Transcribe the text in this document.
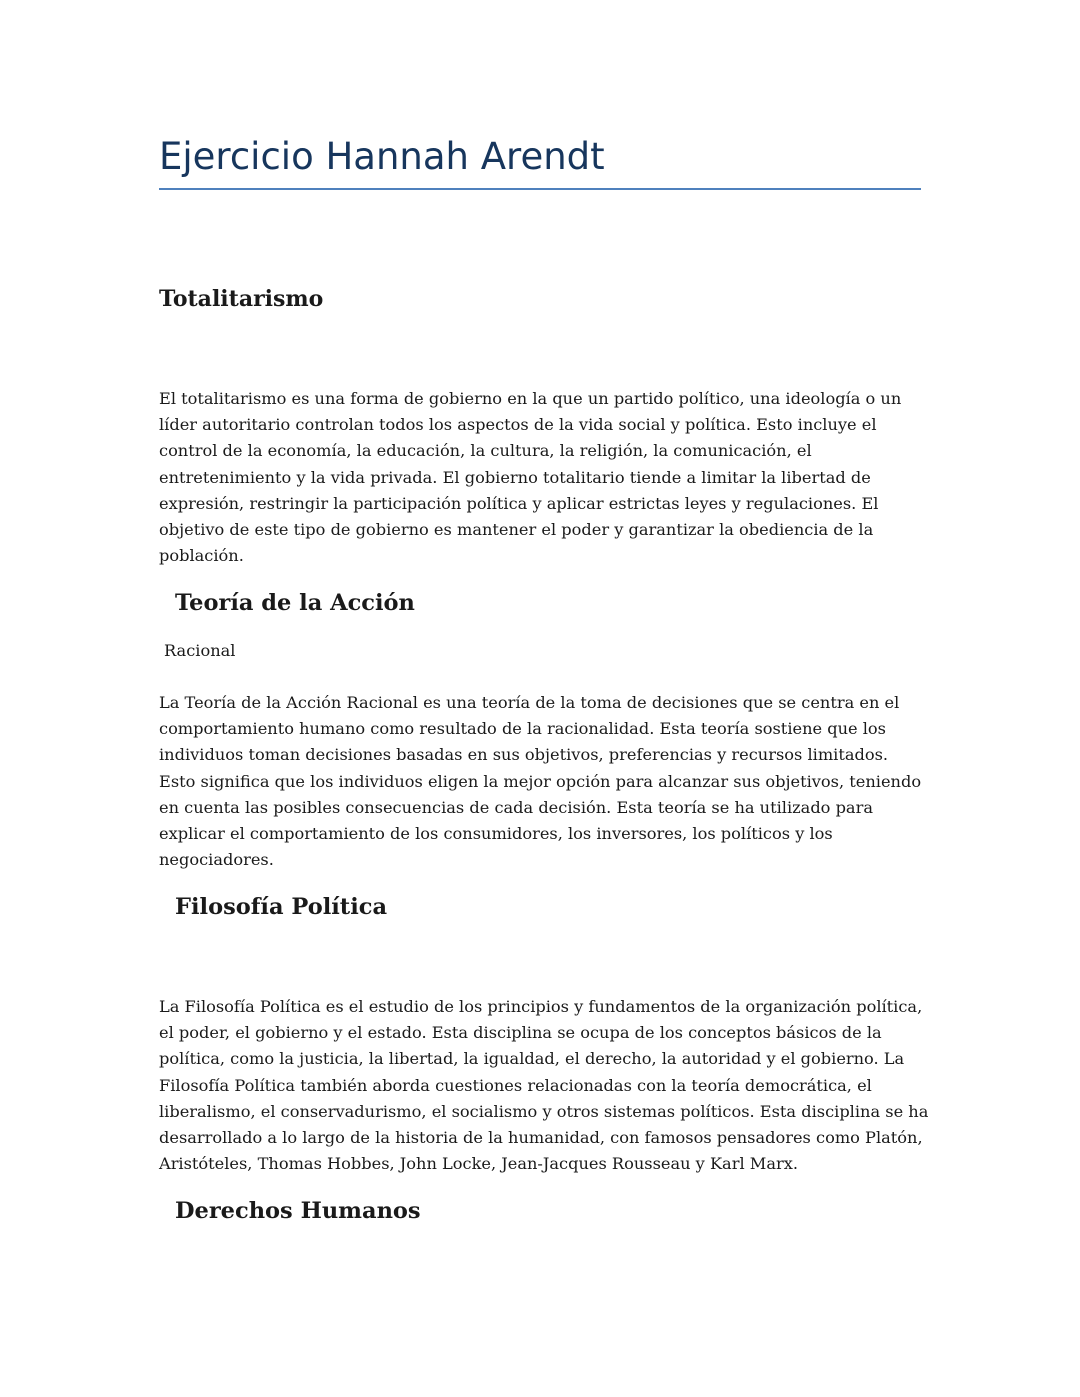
Ejercicio Hannah Arendt
Totalitarismo

El totalitarismo es una forma de gobierno en la que un partido político, una ideología o un líder autoritario controlan todos los aspectos de la vida social y política. Esto incluye el control de la economía, la educación, la cultura, la religión, la comunicación, el entretenimiento y la vida privada. El gobierno totalitario tiende a limitar la libertad de expresión, restringir la participación política y aplicar estrictas leyes y regulaciones. El objetivo de este tipo de gobierno es mantener el poder y garantizar la obediencia de la población.

Teoría de la Acción

Racional

La Teoría de la Acción Racional es una teoría de la toma de decisiones que se centra en el comportamiento humano como resultado de la racionalidad. Esta teoría sostiene que los individuos toman decisiones basadas en sus objetivos, preferencias y recursos limitados. Esto significa que los individuos eligen la mejor opción para alcanzar sus objetivos, teniendo en cuenta las posibles consecuencias de cada decisión. Esta teoría se ha utilizado para explicar el comportamiento de los consumidores, los inversores, los políticos y los negociadores.

Filosofía Política

La Filosofía Política es el estudio de los principios y fundamentos de la organización política, el poder, el gobierno y el estado. Esta disciplina se ocupa de los conceptos básicos de la política, como la justicia, la libertad, la igualdad, el derecho, la autoridad y el gobierno. La Filosofía Política también aborda cuestiones relacionadas con la teoría democrática, el liberalismo, el conservadurismo, el socialismo y otros sistemas políticos. Esta disciplina se ha desarrollado a lo largo de la historia de la humanidad, con famosos pensadores como Platón, Aristóteles, Thomas Hobbes, John Locke, Jean-Jacques Rousseau y Karl Marx.

Derechos Humanos
